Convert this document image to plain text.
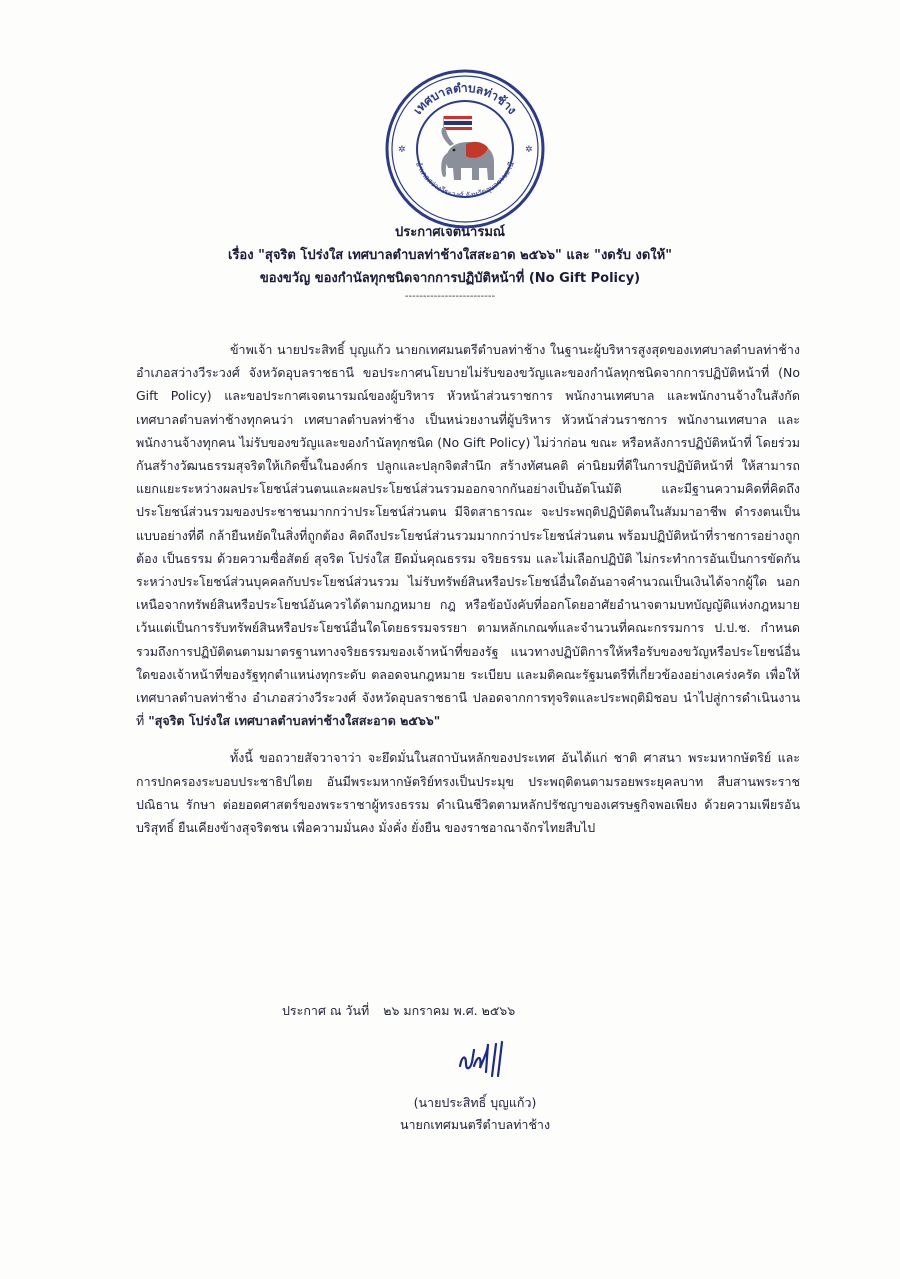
เทศบาลตำบลท่าช้าง
อำเภอสว่างวีระวงศ์ จังหวัดอุบลราชธานี
✲	✲
ประกาศเจตนารมณ์
เรื่อง "สุจริต โปร่งใส เทศบาลตำบลท่าช้างใสสะอาด ๒๕๖๖" และ "งดรับ งดให้"
ของขวัญ ของกำนัลทุกชนิดจากการปฏิบัติหน้าที่ (No Gift Policy)
-------------------------

ข้าพเจ้า นายประสิทธิ์ บุญแก้ว นายกเทศมนตรีตำบลท่าช้าง ในฐานะผู้บริหารสูงสุดของเทศบาลตำบลท่าช้าง อำเภอสว่างวีระวงศ์ จังหวัดอุบลราชธานี ขอประกาศนโยบายไม่รับของขวัญและของกำนัลทุกชนิดจากการปฏิบัติหน้าที่ (No Gift Policy) และขอประกาศเจตนารมณ์ของผู้บริหาร หัวหน้าส่วนราชการ พนักงานเทศบาล และพนักงานจ้างในสังกัดเทศบาลตำบลท่าช้างทุกคนว่า เทศบาลตำบลท่าช้าง เป็นหน่วยงานที่ผู้บริหาร หัวหน้าส่วนราชการ พนักงานเทศบาล และพนักงานจ้างทุกคน ไม่รับของขวัญและของกำนัลทุกชนิด (No Gift Policy) ไม่ว่าก่อน ขณะ หรือหลังการปฏิบัติหน้าที่ โดยร่วมกันสร้างวัฒนธรรมสุจริตให้เกิดขึ้นในองค์กร ปลูกและปลุกจิตสำนึก สร้างทัศนคติ ค่านิยมที่ดีในการปฏิบัติหน้าที่ ให้สามารถแยกแยะระหว่างผลประโยชน์ส่วนตนและผลประโยชน์ส่วนรวมออกจากกันอย่างเป็นอัตโนมัติ และมีฐานความคิดที่คิดถึงประโยชน์ส่วนรวมของประชาชนมากกว่าประโยชน์ส่วนตน มีจิตสาธารณะ จะประพฤติปฏิบัติตนในสัมมาอาชีพ ดำรงตนเป็นแบบอย่างที่ดี กล้ายืนหยัดในสิ่งที่ถูกต้อง คิดถึงประโยชน์ส่วนรวมมากกว่าประโยชน์ส่วนตน พร้อมปฏิบัติหน้าที่ราชการอย่างถูกต้อง เป็นธรรม ด้วยความซื่อสัตย์ สุจริต โปร่งใส ยึดมั่นคุณธรรม จริยธรรม และไม่เลือกปฏิบัติ ไม่กระทำการอันเป็นการขัดกันระหว่างประโยชน์ส่วนบุคคลกับประโยชน์ส่วนรวม ไม่รับทรัพย์สินหรือประโยชน์อื่นใดอันอาจคำนวณเป็นเงินได้จากผู้ใด นอกเหนือจากทรัพย์สินหรือประโยชน์อันควรได้ตามกฎหมาย กฎ หรือข้อบังคับที่ออกโดยอาศัยอำนาจตามบทบัญญัติแห่งกฎหมาย เว้นแต่เป็นการรับทรัพย์สินหรือประโยชน์อื่นใดโดยธรรมจรรยา ตามหลักเกณฑ์และจำนวนที่คณะกรรมการ ป.ป.ช. กำหนด รวมถึงการปฏิบัติตนตามมาตรฐานทางจริยธรรมของเจ้าหน้าที่ของรัฐ แนวทางปฏิบัติการให้หรือรับของขวัญหรือประโยชน์อื่นใดของเจ้าหน้าที่ของรัฐทุกตำแหน่งทุกระดับ ตลอดจนกฎหมาย ระเบียบ และมติคณะรัฐมนตรีที่เกี่ยวข้องอย่างเคร่งครัด เพื่อให้เทศบาลตำบลท่าช้าง อำเภอสว่างวีระวงศ์ จังหวัดอุบลราชธานี ปลอดจากการทุจริตและประพฤติมิชอบ นำไปสู่การดำเนินงานที่ "สุจริต โปร่งใส เทศบาลตำบลท่าช้างใสสะอาด ๒๕๖๖"

ทั้งนี้ ขอถวายสัจวาจาว่า จะยึดมั่นในสถาบันหลักของประเทศ อันได้แก่ ชาติ ศาสนา พระมหากษัตริย์ และการปกครองระบอบประชาธิปไตย อันมีพระมหากษัตริย์ทรงเป็นประมุข ประพฤติตนตามรอยพระยุคลบาท สืบสานพระราชปณิธาน รักษา ต่อยอดศาสตร์ของพระราชาผู้ทรงธรรม ดำเนินชีวิตตามหลักปรัชญาของเศรษฐกิจพอเพียง ด้วยความเพียรอันบริสุทธิ์ ยืนเคียงข้างสุจริตชน เพื่อความมั่นคง มั่งคั่ง ยั่งยืน ของราชอาณาจักรไทยสืบไป

ประกาศ ณ วันที่ ๒๖ มกราคม พ.ศ. ๒๕๖๖
(นายประสิทธิ์ บุญแก้ว)
นายกเทศมนตรีตำบลท่าช้าง
